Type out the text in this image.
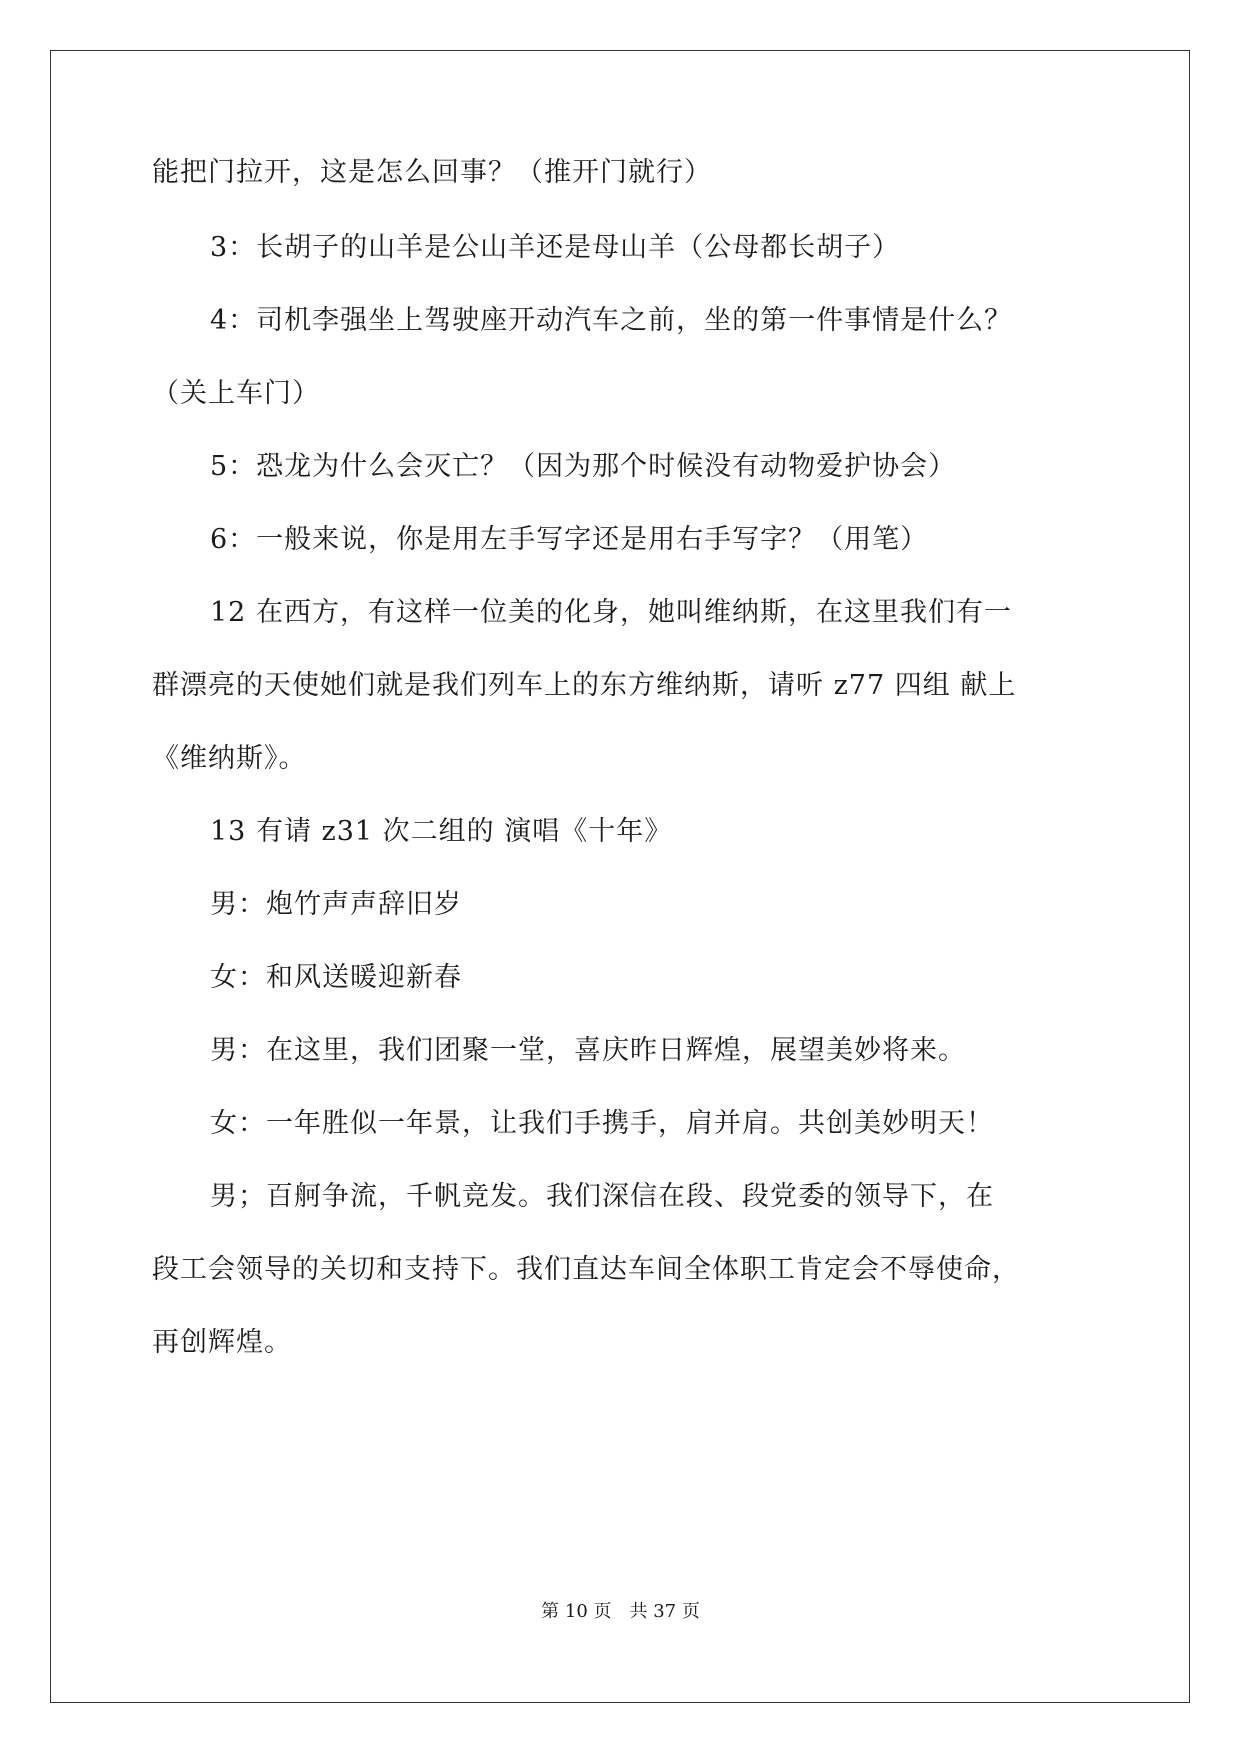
能把门拉开，这是怎么回事？（推开门就行）
3：长胡子的山羊是公山羊还是母山羊（公母都长胡子）
4：司机李强坐上驾驶座开动汽车之前，坐的第一件事情是什么？
（关上车门）
5：恐龙为什么会灭亡？（因为那个时候没有动物爱护协会）
6：一般来说，你是用左手写字还是用右手写字？（用笔）
12 在西方，有这样一位美的化身，她叫维纳斯，在这里我们有一
群漂亮的天使她们就是我们列车上的东方维纳斯，请听 z77 四组 献上
《维纳斯》。
13 有请 z31 次二组的 演唱《十年》
男：炮竹声声辞旧岁
女：和风送暖迎新春
男：在这里，我们团聚一堂，喜庆昨日辉煌，展望美妙将来。
女：一年胜似一年景，让我们手携手，肩并肩。共创美妙明天！
男；百舸争流，千帆竞发。我们深信在段、段党委的领导下，在
段工会领导的关切和支持下。我们直达车间全体职工肯定会不辱使命，
再创辉煌。
第 10 页　共 37 页
